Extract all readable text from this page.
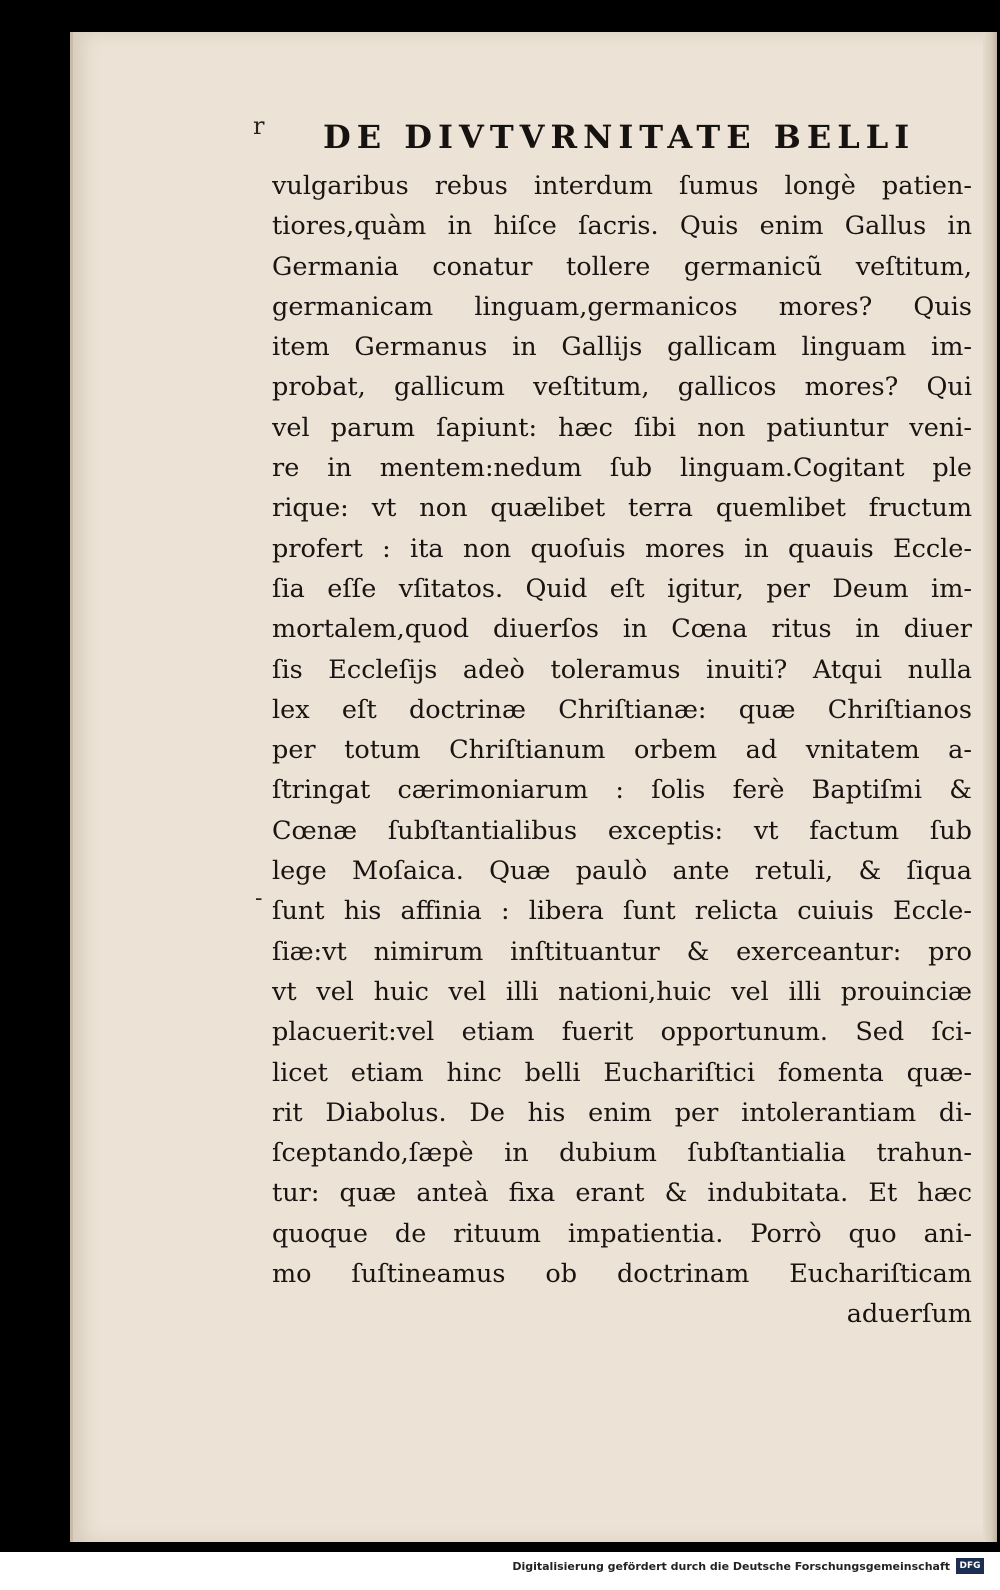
r DE DIVTVRNITATE BELLI
vulgaribus rebus interdum ſumus longè patien-
tiores,quàm in hiſce ſacris. Quis enim Gallus in
Germania conatur tollere germanicũ veſtitum,
germanicam linguam,germanicos mores? Quis
item Germanus in Gallijs gallicam linguam im-
probat, gallicum veſtitum, gallicos mores? Qui
vel parum ſapiunt: hæc ſibi non patiuntur veni-
re in mentem:nedum ſub linguam.Cogitant ple
rique: vt non quælibet terra quemlibet fructum
profert : ita non quoſuis mores in quauis Eccle-
ſia eſſe vſitatos. Quid eſt igitur, per Deum im-
mortalem,quod diuerſos in Cœna ritus in diuer
ſis Eccleſijs adeò toleramus inuiti? Atqui nulla
lex eſt doctrinæ Chriſtianæ: quæ Chriſtianos
per totum Chriſtianum orbem ad vnitatem a-
ſtringat cærimoniarum : ſolis ferè Baptiſmi &
Cœnæ ſubſtantialibus exceptis: vt factum ſub
lege Moſaica. Quæ paulò ante retuli, & ſiqua
ſunt his affinia : libera ſunt relicta cuiuis Eccle-
ſiæ:vt nimirum inſtituantur & exerceantur: pro
vt vel huic vel illi nationi,huic vel illi prouinciæ
placuerit:vel etiam fuerit opportunum. Sed ſci-
licet etiam hinc belli Euchariſtici fomenta quæ-
rit Diabolus. De his enim per intolerantiam di-
ſceptando,ſæpè in dubium ſubſtantialia trahun-
tur: quæ anteà fixa erant & indubitata. Et hæc
quoque de rituum impatientia. Porrò quo ani-
mo ſuſtineamus ob doctrinam Euchariſticam
aduerſum
-
Digitalisierung gefördert durch die Deutsche Forschungsgemeinschaft	DFG
